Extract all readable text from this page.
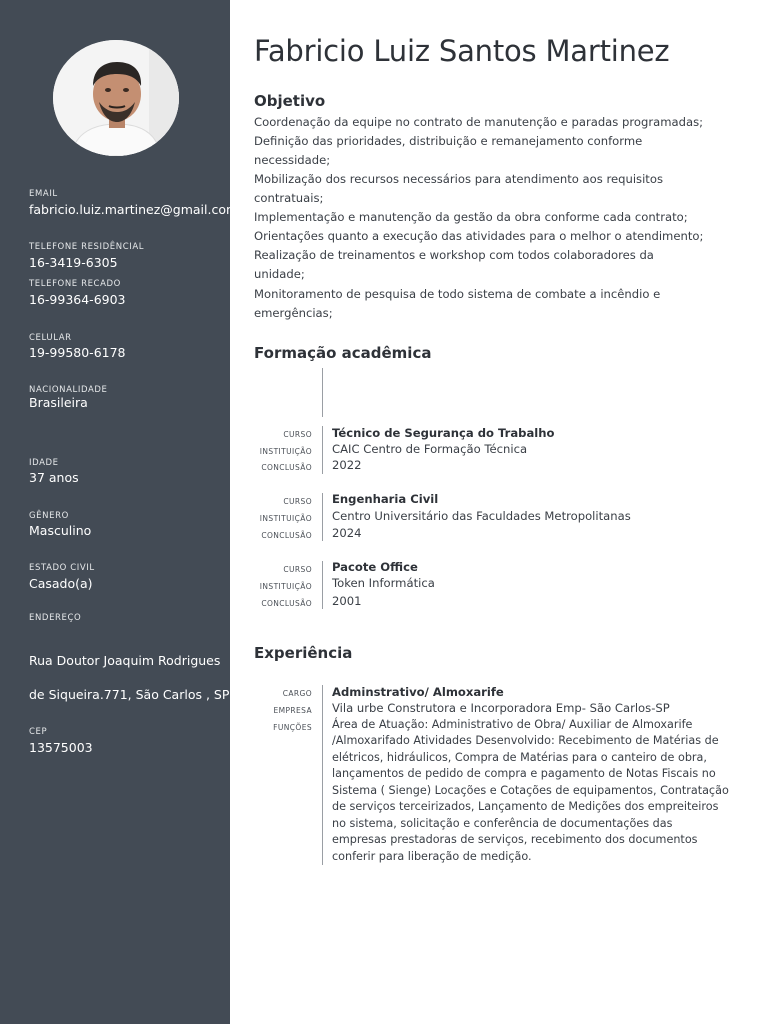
EMAIL
fabricio.luiz.martinez@gmail.com
TELEFONE RESIDÊNCIAL
16-3419-6305
TELEFONE RECADO
16-99364-6903
CELULAR
19-99580-6178
NACIONALIDADE
Brasileira
IDADE
37 anos
GÊNERO
Masculino
ESTADO CIVIL
Casado(a)
ENDEREÇO
Rua Doutor Joaquim Rodrigues
de Siqueira.771, São Carlos , SP
CEP
13575003
Fabricio Luiz Santos Martinez
Objetivo
Coordenação da equipe no contrato de manutenção e paradas programadas;
Definição das prioridades, distribuição e remanejamento conforme
necessidade;
Mobilização dos recursos necessários para atendimento aos requisitos
contratuais;
Implementação e manutenção da gestão da obra conforme cada contrato;
Orientações quanto a execução das atividades para o melhor o atendimento;
Realização de treinamentos e workshop com todos colaboradores da
unidade;
Monitoramento de pesquisa de todo sistema de combate a incêndio e
emergências;
Formação acadêmica
CURSO Técnico de Segurança do Trabalho
INSTITUIÇÃO CAIC Centro de Formação Técnica
CONCLUSÃO 2022
CURSO Engenharia Civil
INSTITUIÇÃO Centro Universitário das Faculdades Metropolitanas
CONCLUSÃO 2024
CURSO Pacote Office
INSTITUIÇÃO Token Informática
CONCLUSÃO 2001
Experiência
CARGO Adminstrativo/ Almoxarife
EMPRESA Vila urbe Construtora e Incorporadora Emp- São Carlos-SP
FUNÇÕES Área de Atuação: Administrativo de Obra/ Auxiliar de Almoxarife
/Almoxarifado Atividades Desenvolvido: Recebimento de Matérias de
elétricos, hidráulicos, Compra de Matérias para o canteiro de obra,
lançamentos de pedido de compra e pagamento de Notas Fiscais no
Sistema ( Sienge) Locações e Cotações de equipamentos, Contratação
de serviços terceirizados, Lançamento de Medições dos empreiteiros
no sistema, solicitação e conferência de documentações das
empresas prestadoras de serviços, recebimento dos documentos
conferir para liberação de medição.
